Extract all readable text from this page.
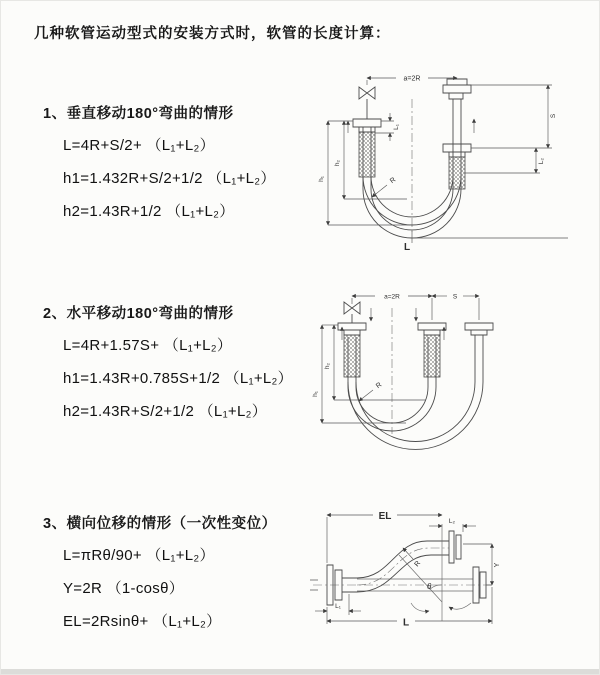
几种软管运动型式的安装方式时，软管的长度计算：
1、垂直移动180°弯曲的情形
L=4R+S/2+ （L₁+L₂）
h1=1.432R+S/2+1/2 （L₁+L₂）
h2=1.43R+1/2 （L₁+L₂）
a=2R
h₂
h₁
L₁
S
L₂
R
L
2、水平移动180°弯曲的情形
L=4R+1.57S+ （L₁+L₂）
h1=1.43R+0.785S+1/2 （L₁+L₂）
h2=1.43R+S/2+1/2 （L₁+L₂）
a=2R	S
h₂
h₁
R
3、横向位移的情形（一次性变位）
L=πRθ/90+ （L₁+L₂）
Y=2R （1-cosθ）
EL=2Rsinθ+ （L₁+L₂）
θ
R
EL	L₂
Y
L₁
L
